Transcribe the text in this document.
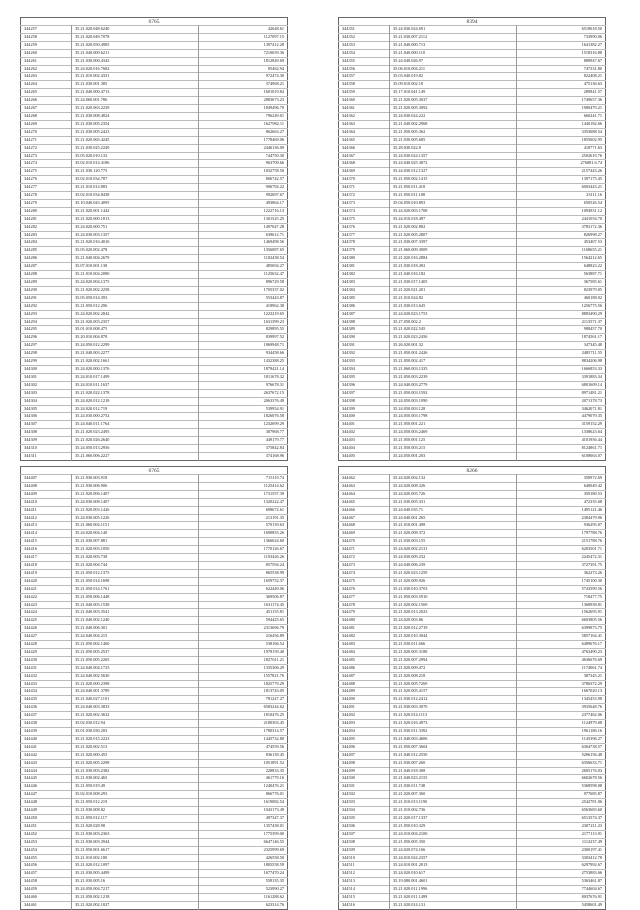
6765
344257	35.21.020.048.6240	42648.61
344258	35.21.020.049.7078	1127097.15
344259	35.21.020.050.4985	1397412.28
344260	35.21.040.000.6211	7210659.36
344261	35.21.030.000.4343	1812849.69
344262	35.24.020.016.7682	85462.94
344263	35.21.010.002.4331	972474.30
344264	35.21.030.001.385	374968.21
344265	35.21.040.000.4713	1601019.84
344266	35.24.060.001.786	2883673.23
344267	35.21.020.063.2239	1849496.70
344268	35.21.030.008.4824	796249.01
344269	35.21.030.005.2354	1627982.11
344270	35.21.030.005.2423	862663.27
344271	35.21.020.065.4245	1778469.06
344272	35.21.030.025.2249	2446136.09
344273	35.05.020.010.133	744750.30
344274	35.02.010.014.4186	963709.66
344275	35.21.030.120.775	1032758.50
344276	35.02.010.034.787	806742.57
344277	35.21.010.014.883	906792.22
344278	35.02.010.034.8438	992697.67
344279	35.10.040.043.4095	493864.17
344280	35.21.020.001.1442	1222716.13
344281	35.21.020.000.1813	1301525.25
344282	35.24.020.000.751	1497047.28
344283	35.24.030.003.1357	639612.71
344284	35.21.020.016.4016	1469498.56
344285	35.05.020.002.478	1356087.65
344286	35.21.040.004.2679	1102438.54
344287	35.07.010.001.138	485694.27
344288	35.21.010.004.2080	1125632.47
344289	35.24.020.004.1375	896729.58
344290	35.21.020.002.2258	1705337.02
344291	35.05.050.014.393	553443.87
344292	35.21.050.012.296	418962.38
344293	35.24.020.002.2842	1223219.65
344294	35.21.020.003.2357	1631399.23
344295	35.01.010.008.475	829895.55
344296	35.20.010.004.878	839997.52
344297	35.24.050.012.2299	1869948.71
344298	35.21.040.003.2277	934458.66
344299	35.21.020.002.1661	1432388.25
344300	35.24.020.000.1376	1879421.14
344301	35.24.010.017.1499	1811678.32
344302	35.24.010.011.1637	976678.31
344303	35.21.020.022.1378	2637672.15
344304	35.24.020.012.1218	2063376.49
344305	35.24.020.012.719	539954.91
344306	35.24.030.000.2752	1826076.58
344307	35.24.040.011.1764	1232699.29
344308	35.21.020.023.2495	307968.77
344309	35.21.020.026.2640	449179.77
344310	35.24.050.013.2956	375842.84
344311	35.21.060.006.2227	374168.96
8394
344351	35.24.030.024.691	6518018.50
344352	35.21.030.007.2112	733990.06
344353	35.21.040.000.713	1641382.27
344354	35.21.040.000.110	1518316.88
344355	35.24.040.026.97	888947.67
344356	35.06.010.004.211	747331.80
344357	35.03.040.019.82	822408.21
344358	35.09.010.002.18	475136.63
344359	35.17.010.041.149	289841.57
344360	35.21.020.005.3037	1749657.36
344361	35.21.020.005.3092	1980479.21
344362	35.24.030.024.222	660241.71
344363	35.21.040.002.2968	1440182.66
344364	35.21.050.005.362	3353688.54
344365	35.21.030.005.685	1855602.95
344366	35.28.030.022.8	418771.63
344367	35.24.030.024.1357	2502619.76
344368	35.24.040.025.3872	276881.6.74
344369	35.24.030.012.1327	2157443.26
344370	35.21.050.002.1415	1397175.45
344371	35.21.050.011.418	6003443.21
344372	35.21.050.011.188	23111.16
344373	35.04.050.010.893	650526.54
344374	35.24.020.003.1708	1094931.12
344375	35.24.010.018.497	2441054.70
344376	35.21.020.002.882	3783172.36
344377	35.21.020.005.2807	826998.27
344378	35.21.030.007.3397	453407.53
344379	35.21.060.009.3009	1168655.21
344380	35.21.020.016.2884	1564212.65
344381	35.21.030.018.492	648823.22
344382	35.21.040.016.182	563887.71
344383	35.21.030.017.1405	367585.61
344384	35.21.020.021.201	823979.05
344385	35.21.010.024.82	460188.02
344386	35.21.030.013.645	1256775.56
344387	35.24.020.023.1753	8883490.29
344388	35.27.050.002.2	2113571.37
344389	35.21.020.022.545	988457.70
344390	35.21.020.023.2456	1874561.17
344391	35.26.020.001.32	347345.48
344392	35.21.050.001.2426	2485711.55
344393	35.21.050.002.417	8834206.98
344394	35.21.060.003.1335	1666853.33
344395	35.21.050.003.2239	3391883.34
344396	35.24.040.003.2779	6801609.14
344397	35.21.050.003.1592	8971481.21
344398	35.24.050.003.1090	2071378.73
344399	35.24.050.003.128	3462071.81
344400	35.24.050.003.1798	4479079.35
344401	35.21.050.001.221	3159152.29
344402	35.24.050.003.2469	1338623.64
344403	35.21.050.001.125	4101956.44
344404	35.21.050.003.215	8124861.71
344405	35.24.050.001.203	6108663.07
6765
344407	35.21.030.003.918	715119.74
344408	35.21.030.006.906	1125414.62
344409	35.21.020.006.1407	1731557.39
344410	35.24.030.008.1407	1320222.47
344411	35.21.020.003.1426	698672.61
344412	35.24.030.005.1226	213191.35
344413	35.21.060.004.1151	570139.63
344414	35.24.020.004.140	1690855.26
344415	35.21.030.007.881	1366024.60
344416	35.21.020.003.1050	1770126.67
344417	35.21.020.003.738	1103426.26
344418	35.21.020.004.744	857594.24
344419	35.21.050.012.1375	865538.99
344420	35.21.050.014.1698	1659752.37
344421	35.21.050.014.1761	622449.06
344422	35.21.050.006.1448	369506.87
344423	35.21.040.003.1538	1631174.45
344424	35.21.040.003.3541	451155.81
344425	35.21.040.002.1240	594425.65
344426	35.21.040.006.301	2313696.79
344427	35.24.040.004.215	216456.89
344428	35.21.050.002.1460	538166.54
344429	35.21.050.005.2537	1978159.40
344430	35.21.050.005.2265	1827611.21
344431	35.24.040.004.1725	1335306.29
344432	35.24.040.002.5630	1557821.76
344433	35.21.020.000.2398	1825779.29
344434	35.24.040.001.3789	1813743.05
344435	35.21.040.027.1101	781247.27
344436	35.24.040.003.3833	6583244.62
344437	35.21.020.002.3632	1810476.25
344438	35.02.030.012.94	2180303.45
344439	35.01.030.030.203	1780314.57
344440	35.21.020.015.2223	1445732.80
344441	35.21.020.002.513	474559.56
344442	35.21.020.000.455	836139.45
344443	35.21.020.005.2298	1051891.52
344444	35.21.030.003.2382	228833.35
344445	35.21.030.002.465	461779.16
344446	35.21.050.019.49	1240476.21
344447	35.02.010.008.293	866776.01
344448	35.21.050.012.219	1619082.54
344449	35.21.030.008.82	1043173.49
344450	35.21.050.012.117	497347.37
344451	35.21.020.028.98	1357438.01
344452	35.21.030.003.2363	1775399.00
344453	35.21.030.003.3944	6647146.55
344454	35.21.050.001.6617	2325999.69
344455	35.21.010.002.180	426558.50
344456	35.21.020.012.1097	1805558.59
344457	35.21.030.005.4499	1677470.24
344458	35.21.030.005.16	558135.35
344459	35.24.050.004.7217	523990.27
344460	35.21.050.002.1218	1161288.62
344461	35.21.020.002.1027	623314.76
8266
344462	35.24.020.002.132	350972.69
344463	35.24.020.008.326	640049.42
344464	35.24.020.005.726	350180.53
344465	35.21.030.005.331	472335.68
344466	35.24.040.035.71	1495121.46
344467	35.24.040.001.265	2384479.96
344468	35.21.010.001.498	936295.07
344469	35.21.020.008.372	1797788.76
344470	35.21.030.003.155	2151788.76
344471	35.24.020.002.2131	6203501.71
344472	35.24.030.009.232	2245472.31
344473	35.24.040.006.239	3727391.75
344474	35.21.020.023.1259	362273.26
344475	35.21.020.009.926	1745100.30
344476	35.21.030.010.3703	5743599.56
344477	35.21.050.003.5910	718477.75
344478	35.21.020.002.1569	1368958.81
344479	35.21.020.013.2023	1562695.91
344480	35.24.020.003.86	6603805.56
344481	35.21.020.012.2719	6399873.75
344482	35.21.020.010.3044	5857164.41
344483	35.21.030.011.666	6489676.17
344484	35.21.020.005.3188	4763490.23
344485	35.21.020.007.2994	4636676.69
344486	35.21.020.009.472	1174061.74
344487	35.21.020.008.218	387345.21
344488	35.21.020.005.7269	3786372.29
344489	35.21.020.005.4157	1667020.13
344490	35.21.030.012.2412	1345453.98
344491	35.21.030.003.3070	3935648.76
344492	35.21.020.014.1113	2377462.06
344493	35.21.020.016.4973	1124979.08
344494	35.21.030.011.3392	1961186.16
344495	35.21.040.003.4606	1145396.27
344496	35.21.050.007.3604	6304738.57
344497	35.21.040.012.2550	5206156.48
344498	35.21.030.007.260	6356633.71
344499	35.21.040.018.308	2605176.03
344500	35.21.040.023.2155	6602678.56
344501	35.21.030.011.748	5368598.08
344502	35.21.020.007.360	977685.87
344503	35.21.010.013.1190	2542781.06
344504	35.21.010.002.736	6563683.60
344505	35.21.020.017.1337	6513574.37
344506	35.21.050.010.329	2307211.23
344507	35.24.010.004.2100	2177113.91
344508	35.21.050.005.350	1112237.49
344509	35.24.020.074.166	2300197.41
344510	35.24.010.024.2357	3303412.78
344511	35.24.010.001.2013	6297992.67
344512	35.24.020.010.617	2753883.66
344513	35.19.080.001.4601	5363461.87
344514	35.21.020.011.1996	7744604.67
344515	35.21.020.011.1499	8037676.91
344516	35.21.020.014.131	5458601.49
